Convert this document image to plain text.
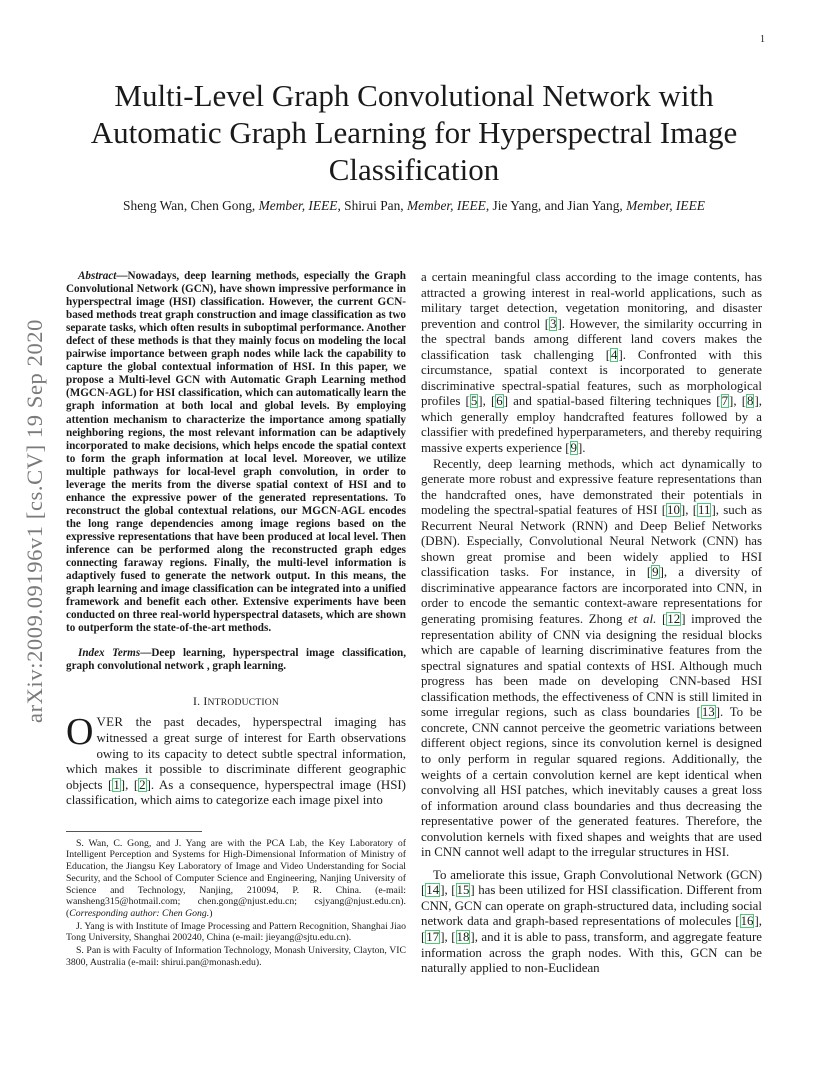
1
arXiv:2009.09196v1 [cs.CV] 19 Sep 2020
Multi-Level Graph Convolutional Network with Automatic Graph Learning for Hyperspectral Image Classification
Sheng Wan, Chen Gong, Member, IEEE, Shirui Pan, Member, IEEE, Jie Yang, and Jian Yang, Member, IEEE

Abstract—Nowadays, deep learning methods, especially the Graph Convolutional Network (GCN), have shown impressive performance in hyperspectral image (HSI) classification. However, the current GCN-based methods treat graph construction and image classification as two separate tasks, which often results in suboptimal performance. Another defect of these methods is that they mainly focus on modeling the local pairwise importance between graph nodes while lack the capability to capture the global contextual information of HSI. In this paper, we propose a Multi-level GCN with Automatic Graph Learning method (MGCN-AGL) for HSI classification, which can automatically learn the graph information at both local and global levels. By employing attention mechanism to characterize the importance among spatially neighboring regions, the most relevant information can be adaptively incorporated to make decisions, which helps encode the spatial context to form the graph information at local level. Moreover, we utilize multiple pathways for local-level graph convolution, in order to leverage the merits from the diverse spatial context of HSI and to enhance the expressive power of the generated representations. To reconstruct the global contextual relations, our MGCN-AGL encodes the long range dependencies among image regions based on the expressive representations that have been produced at local level. Then inference can be performed along the reconstructed graph edges connecting faraway regions. Finally, the multi-level information is adaptively fused to generate the network output. In this means, the graph learning and image classification can be integrated into a unified framework and benefit each other. Extensive experiments have been conducted on three real-world hyperspectral datasets, which are shown to outperform the state-of-the-art methods.

Index Terms—Deep learning, hyperspectral image classification, graph convolutional network , graph learning.

I. INTRODUCTION

OVER the past decades, hyperspectral imaging has witnessed a great surge of interest for Earth observations owing to its capacity to detect subtle spectral information, which makes it possible to discriminate different geographic objects [1], [2]. As a consequence, hyperspectral image (HSI) classification, which aims to categorize each image pixel into

S. Wan, C. Gong, and J. Yang are with the PCA Lab, the Key Laboratory of Intelligent Perception and Systems for High-Dimensional Information of Ministry of Education, the Jiangsu Key Laboratory of Image and Video Understanding for Social Security, and the School of Computer Science and Engineering, Nanjing University of Science and Technology, Nanjing, 210094, P. R. China. (e-mail: wansheng315@hotmail.com; chen.gong@njust.edu.cn; csjyang@njust.edu.cn). (Corresponding author: Chen Gong.)

J. Yang is with Institute of Image Processing and Pattern Recognition, Shanghai Jiao Tong University, Shanghai 200240, China (e-mail: jieyang@sjtu.edu.cn).

S. Pan is with Faculty of Information Technology, Monash University, Clayton, VIC 3800, Australia (e-mail: shirui.pan@monash.edu).

a certain meaningful class according to the image contents, has attracted a growing interest in real-world applications, such as military target detection, vegetation monitoring, and disaster prevention and control [3]. However, the similarity occurring in the spectral bands among different land covers makes the classification task challenging [4]. Confronted with this circumstance, spatial context is incorporated to generate discriminative spectral-spatial features, such as morphological profiles [5], [6] and spatial-based filtering techniques [7], [8], which generally employ handcrafted features followed by a classifier with predefined hyperparameters, and thereby requiring massive experts experience [9].

Recently, deep learning methods, which act dynamically to generate more robust and expressive feature representations than the handcrafted ones, have demonstrated their potentials in modeling the spectral-spatial features of HSI [10], [11], such as Recurrent Neural Network (RNN) and Deep Belief Networks (DBN). Especially, Convolutional Neural Network (CNN) has shown great promise and been widely applied to HSI classification tasks. For instance, in [9], a diversity of discriminative appearance factors are incorporated into CNN, in order to encode the semantic context-aware representations for generating promising features. Zhong et al. [12] improved the representation ability of CNN via designing the residual blocks which are capable of learning discriminative features from the spectral signatures and spatial contexts of HSI. Although much progress has been made on developing CNN-based HSI classification methods, the effectiveness of CNN is still limited in some irregular regions, such as class boundaries [13]. To be concrete, CNN cannot perceive the geometric variations between different object regions, since its convolution kernel is designed to only perform in regular squared regions. Additionally, the weights of a certain convolution kernel are kept identical when convolving all HSI patches, which inevitably causes a great loss of information around class boundaries and thus decreasing the representative power of the generated features. Therefore, the convolution kernels with fixed shapes and weights that are used in CNN cannot well adapt to the irregular structures in HSI.

To ameliorate this issue, Graph Convolutional Network (GCN) [14], [15] has been utilized for HSI classification. Different from CNN, GCN can operate on graph-structured data, including social network data and graph-based representations of molecules [16], [17], [18], and it is able to pass, transform, and aggregate feature information across the graph nodes. With this, GCN can be naturally applied to non-Euclidean
